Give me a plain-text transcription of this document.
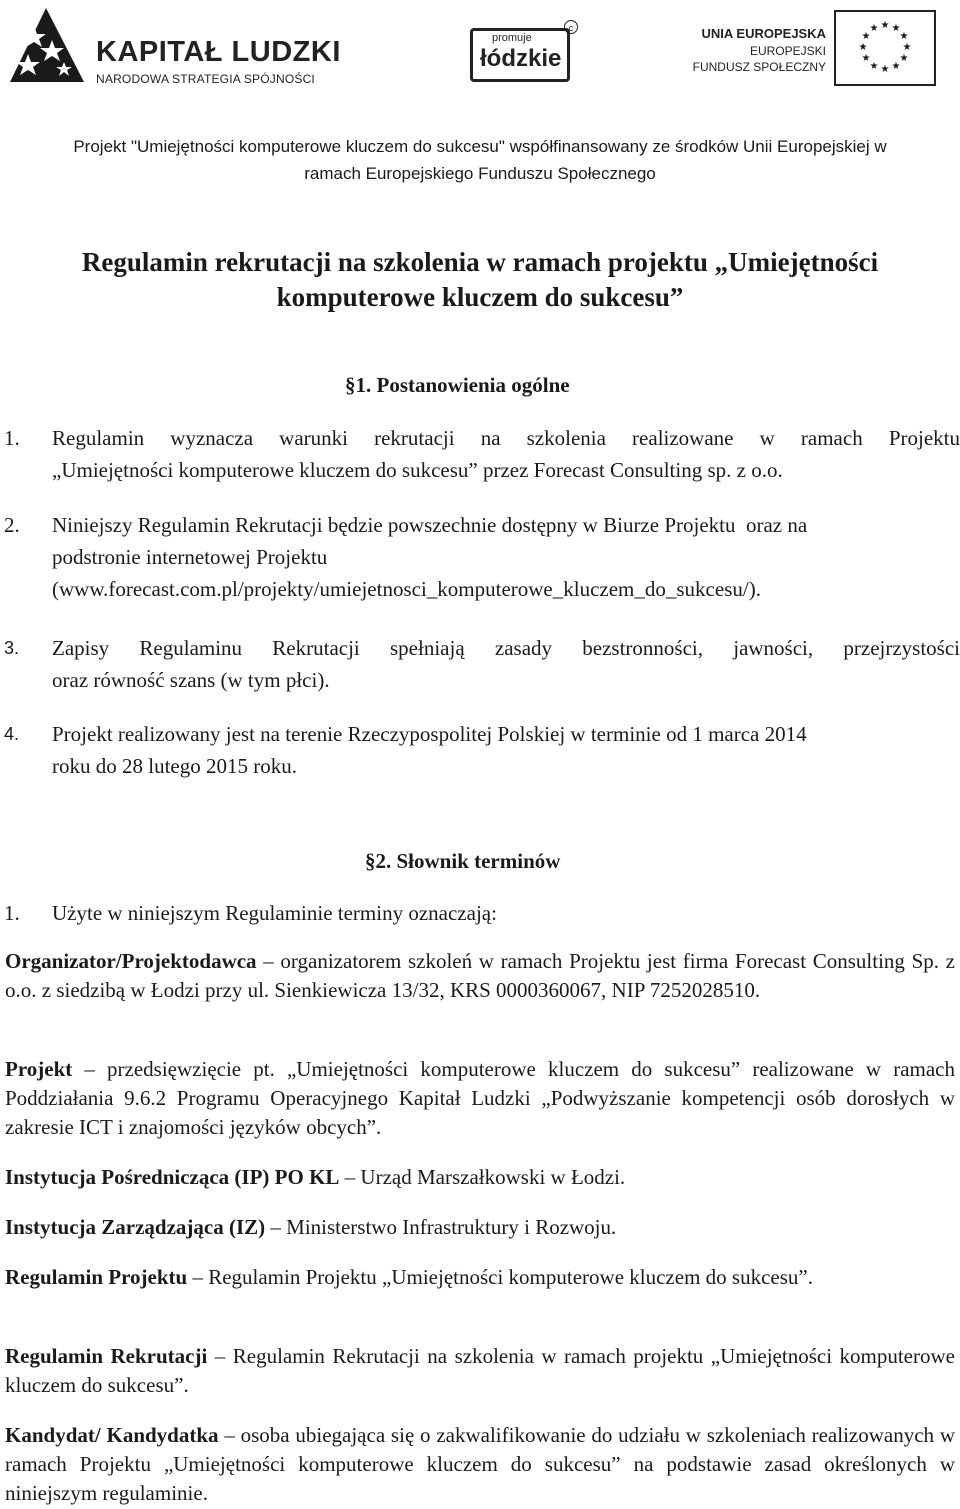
KAPITAŁ LUDZKI
NARODOWA STRATEGIA SPÓJNOŚCI
promuje
łódzkie
c	UNIA EUROPEJSKA
EUROPEJSKI
FUNDUSZ SPOŁECZNY
★ ★
★
★
★
★
★
★
★
★
★
★
Projekt "Umiejętności komputerowe kluczem do sukcesu" współfinansowany ze środków Unii Europejskiej w
ramach Europejskiego Funduszu Społecznego
Regulamin rekrutacji na szkolenia w ramach projektu „Umiejętności
komputerowe kluczem do sukcesu”
§1. Postanowienia ogólne
1. Regulamin wyznacza warunki rekrutacji na szkolenia realizowane w ramach Projektu
„Umiejętności komputerowe kluczem do sukcesu” przez Forecast Consulting sp. z o.o.
2. Niniejszy Regulamin Rekrutacji będzie powszechnie dostępny w Biurze Projektu  oraz na
podstronie internetowej Projektu
(www.forecast.com.pl/projekty/umiejetnosci_komputerowe_kluczem_do_sukcesu/).
3. Zapisy Regulaminu Rekrutacji spełniają zasady bezstronności, jawności, przejrzystości
oraz równość szans (w tym płci).
4. Projekt realizowany jest na terenie Rzeczypospolitej Polskiej w terminie od 1 marca 2014
roku do 28 lutego 2015 roku.
§2. Słownik terminów
1. Użyte w niniejszym Regulaminie terminy oznaczają:
Organizator/Projektodawca – organizatorem szkoleń w ramach Projektu jest firma Forecast Consulting Sp. z o.o. z siedzibą w Łodzi przy ul. Sienkiewicza 13/32, KRS 0000360067, NIP 7252028510.
Projekt – przedsięwzięcie pt. „Umiejętności komputerowe kluczem do sukcesu” realizowane w ramach Poddziałania 9.6.2 Programu Operacyjnego Kapitał Ludzki „Podwyższanie kompetencji osób dorosłych w zakresie ICT i znajomości języków obcych”.
Instytucja Pośrednicząca (IP) PO KL – Urząd Marszałkowski w Łodzi.
Instytucja Zarządzająca (IZ) – Ministerstwo Infrastruktury i Rozwoju.
Regulamin Projektu – Regulamin Projektu „Umiejętności komputerowe kluczem do sukcesu”.
Regulamin Rekrutacji – Regulamin Rekrutacji na szkolenia w ramach projektu „Umiejętności komputerowe kluczem do sukcesu”.
Kandydat/ Kandydatka – osoba ubiegająca się o zakwalifikowanie do udziału w szkoleniach realizowanych w ramach Projektu „Umiejętności komputerowe kluczem do sukcesu” na podstawie zasad określonych w niniejszym regulaminie.
